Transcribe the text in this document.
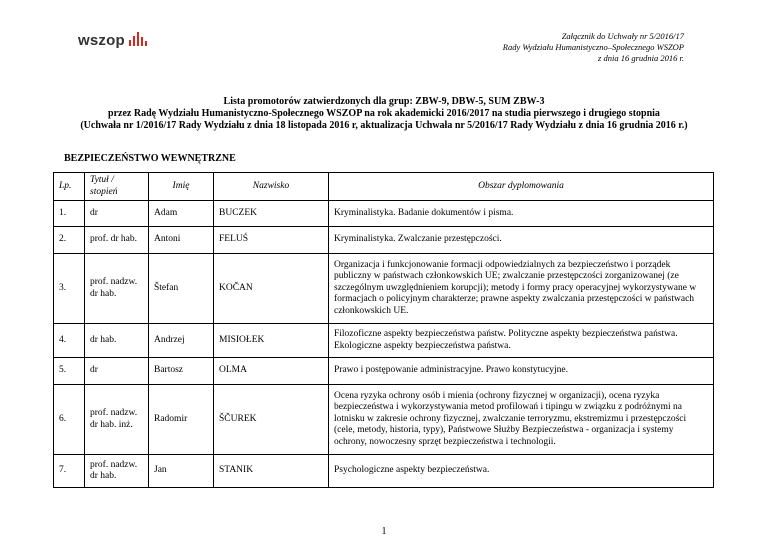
wszop	Załącznik do Uchwały nr 5/2016/17
Rady Wydziału Humanistyczno–Społecznego WSZOP
z dnia 16 grudnia 2016 r.
Lista promotorów zatwierdzonych dla grup: ZBW-9, DBW-5, SUM ZBW-3
przez Radę Wydziału Humanistyczno-Społecznego WSZOP na rok akademicki 2016/2017 na studia pierwszego i drugiego stopnia
(Uchwała nr 1/2016/17 Rady Wydziału z dnia 18 listopada 2016 r, aktualizacja Uchwała nr 5/2016/17 Rady Wydziału z dnia 16 grudnia 2016 r.)
BEZPIECZEŃSTWO WEWNĘTRZNE
Lp.	Tytuł / stopień	Imię	Nazwisko	Obszar dyplomowania
1.	dr	Adam	BUCZEK	Kryminalistyka. Badanie dokumentów i pisma.
2.	prof. dr hab.	Antoni	FELUŚ	Kryminalistyka. Zwalczanie przestępczości.
3.	prof. nadzw. dr hab.	Štefan	KOČAN	Organizacja i funkcjonowanie formacji odpowiedzialnych za bezpieczeństwo i porządek publiczny w państwach członkowskich UE; zwalczanie przestępczości zorganizowanej (ze szczególnym uwzględnieniem korupcji); metody i formy pracy operacyjnej wykorzystywane w formacjach o policyjnym charakterze; prawne aspekty zwalczania przestępczości w państwach członkowskich UE.
4.	dr hab.	Andrzej	MISIOŁEK	Filozoficzne aspekty bezpieczeństwa państw. Polityczne aspekty bezpieczeństwa państwa. Ekologiczne aspekty bezpieczeństwa państwa.
5.	dr	Bartosz	OLMA	Prawo i postępowanie administracyjne. Prawo konstytucyjne.
6.	prof. nadzw. dr hab. inż.	Radomir	ŠČUREK	Ocena ryzyka ochrony osób i mienia (ochrony fizycznej w organizacji), ocena ryzyka bezpieczeństwa i wykorzystywania metod profilowań i tipingu w związku z podróżnymi na lotnisku w zakresie ochrony fizycznej, zwalczanie terroryzmu, ekstremizmu i przestępczości (cele, metody, historia, typy), Państwowe Służby Bezpieczeństwa - organizacja i systemy ochrony, nowoczesny sprzęt bezpieczeństwa i technologii.
7.	prof. nadzw. dr hab.	Jan	STANIK	Psychologiczne aspekty bezpieczeństwa.
1
